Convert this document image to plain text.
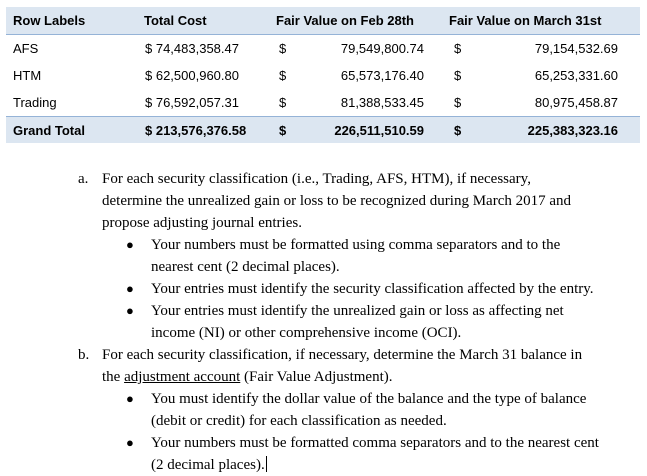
Row Labels	Total Cost	Fair Value on Feb 28th	Fair Value on March 31st
AFS	$ 74,483,358.47	$	79,549,800.74 $	79,154,532.69
HTM	$ 62,500,960.80	$	65,573,176.40 $	65,253,331.60
Trading	$ 76,592,057.31	$	81,388,533.45 $	80,975,458.87
Grand Total	$ 213,576,376.58	$	226,511,510.59 $	225,383,323.16
a. For each security classification (i.e., Trading, AFS, HTM), if necessary,
determine the unrealized gain or loss to be recognized during March 2017 and
propose adjusting journal entries.
● Your numbers must be formatted using comma separators and to the
nearest cent (2 decimal places).
● Your entries must identify the security classification affected by the entry.
● Your entries must identify the unrealized gain or loss as affecting net
income (NI) or other comprehensive income (OCI).
b. For each security classification, if necessary, determine the March 31 balance in
the adjustment account (Fair Value Adjustment).
● You must identify the dollar value of the balance and the type of balance
(debit or credit) for each classification as needed.
● Your numbers must be formatted comma separators and to the nearest cent
(2 decimal places).
